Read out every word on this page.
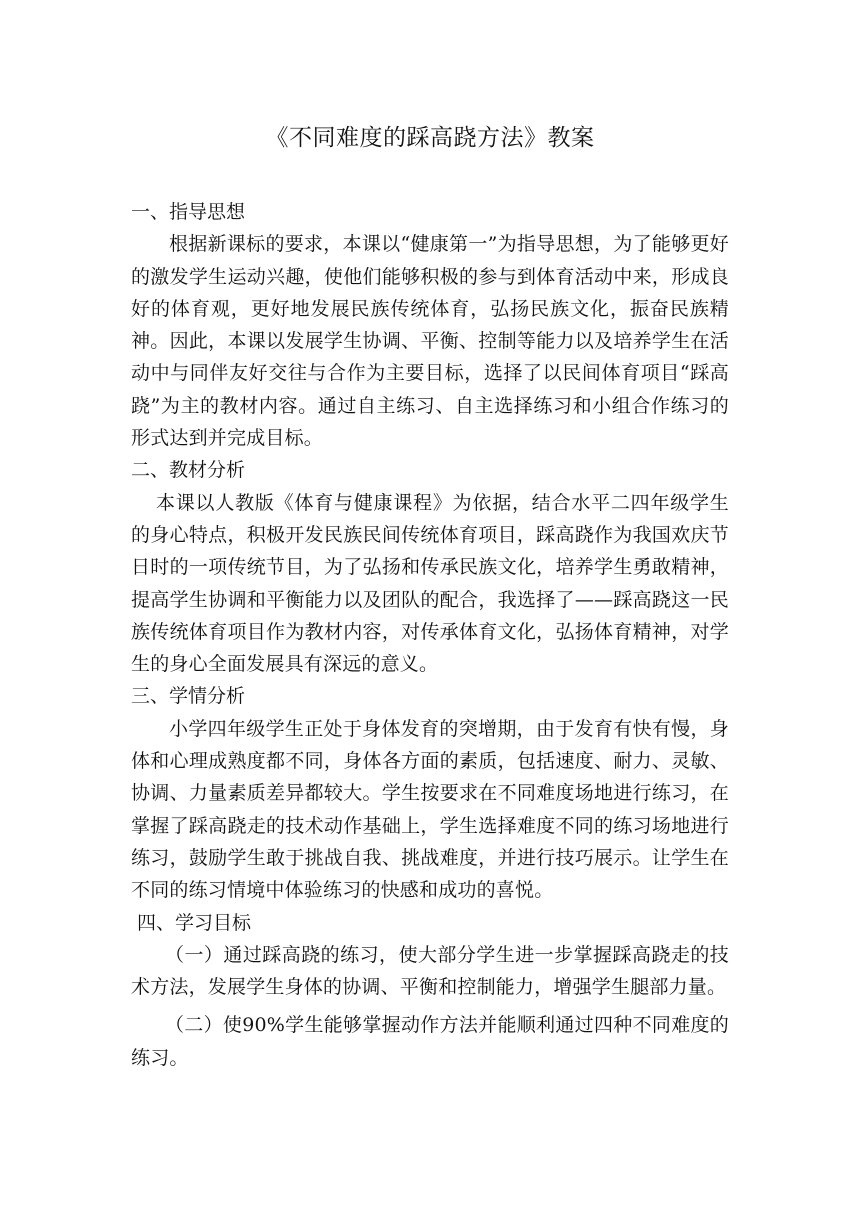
《不同难度的踩高跷方法》教案
一、指导思想

根据新课标的要求，本课以“健康第一”为指导思想，为了能够更好的激发学生运动兴趣，使他们能够积极的参与到体育活动中来，形成良好的体育观，更好地发展民族传统体育，弘扬民族文化，振奋民族精神。因此，本课以发展学生协调、平衡、控制等能力以及培养学生在活动中与同伴友好交往与合作为主要目标，选择了以民间体育项目“踩高跷”为主的教材内容。通过自主练习、自主选择练习和小组合作练习的形式达到并完成目标。

二、教材分析

本课以人教版《体育与健康课程》为依据，结合水平二四年级学生的身心特点，积极开发民族民间传统体育项目，踩高跷作为我国欢庆节日时的一项传统节目，为了弘扬和传承民族文化，培养学生勇敢精神，提高学生协调和平衡能力以及团队的配合，我选择了——踩高跷这一民族传统体育项目作为教材内容，对传承体育文化，弘扬体育精神，对学生的身心全面发展具有深远的意义。

三、学情分析

小学四年级学生正处于身体发育的突增期，由于发育有快有慢，身体和心理成熟度都不同，身体各方面的素质，包括速度、耐力、灵敏、协调、力量素质差异都较大。学生按要求在不同难度场地进行练习，在掌握了踩高跷走的技术动作基础上，学生选择难度不同的练习场地进行练习，鼓励学生敢于挑战自我、挑战难度，并进行技巧展示。让学生在不同的练习情境中体验练习的快感和成功的喜悦。

四、学习目标

（一）通过踩高跷的练习，使大部分学生进一步掌握踩高跷走的技术方法，发展学生身体的协调、平衡和控制能力，增强学生腿部力量。

（二）使90%学生能够掌握动作方法并能顺利通过四种不同难度的练习。
